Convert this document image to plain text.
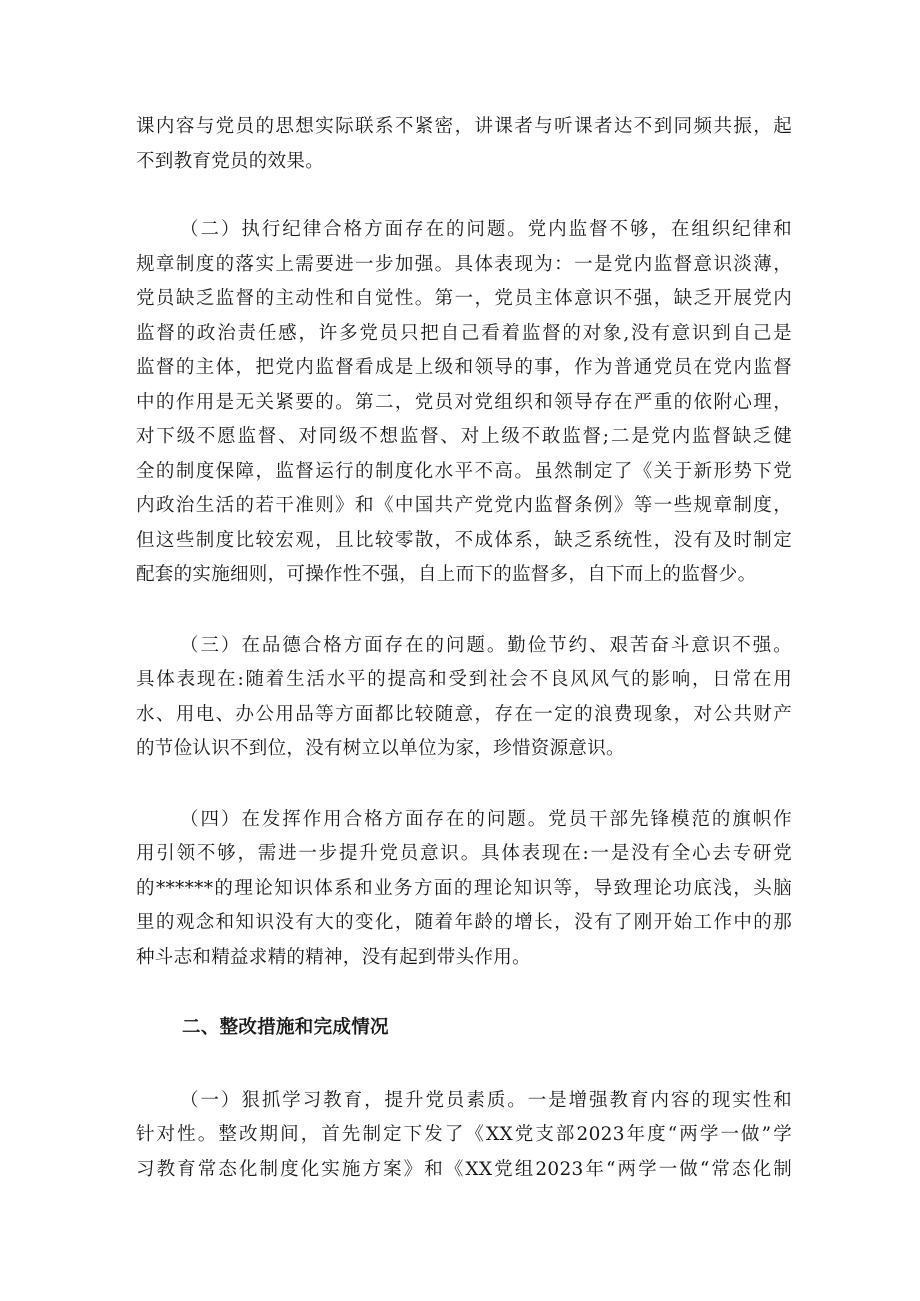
课内容与党员的思想实际联系不紧密，讲课者与听课者达不到同频共振，起
不到教育党员的效果。

（二）执行纪律合格方面存在的问题。党内监督不够，在组织纪律和
规章制度的落实上需要进一步加强。具体表现为：一是党内监督意识淡薄，
党员缺乏监督的主动性和自觉性。第一，党员主体意识不强，缺乏开展党内
监督的政治责任感，许多党员只把自己看着监督的对象,没有意识到自己是
监督的主体，把党内监督看成是上级和领导的事，作为普通党员在党内监督
中的作用是无关紧要的。第二，党员对党组织和领导存在严重的依附心理，
对下级不愿监督、对同级不想监督、对上级不敢监督;二是党内监督缺乏健
全的制度保障，监督运行的制度化水平不高。虽然制定了《关于新形势下党
内政治生活的若干准则》和《中国共产党党内监督条例》等一些规章制度，
但这些制度比较宏观，且比较零散，不成体系，缺乏系统性，没有及时制定
配套的实施细则，可操作性不强，自上而下的监督多，自下而上的监督少。

（三）在品德合格方面存在的问题。勤俭节约、艰苦奋斗意识不强。
具体表现在:随着生活水平的提高和受到社会不良风风气的影响，日常在用
水、用电、办公用品等方面都比较随意，存在一定的浪费现象，对公共财产
的节俭认识不到位，没有树立以单位为家，珍惜资源意识。

（四）在发挥作用合格方面存在的问题。党员干部先锋模范的旗帜作
用引领不够，需进一步提升党员意识。具体表现在:一是没有全心去专研党
的******的理论知识体系和业务方面的理论知识等，导致理论功底浅，头脑
里的观念和知识没有大的变化，随着年龄的增长，没有了刚开始工作中的那
种斗志和精益求精的精神，没有起到带头作用。

二、整改措施和完成情况

（一）狠抓学习教育，提升党员素质。一是增强教育内容的现实性和
针对性。整改期间，首先制定下发了《XX党支部2023年度“两学一做”学
习教育常态化制度化实施方案》和《XX党组2023年“两学一做“常态化制
